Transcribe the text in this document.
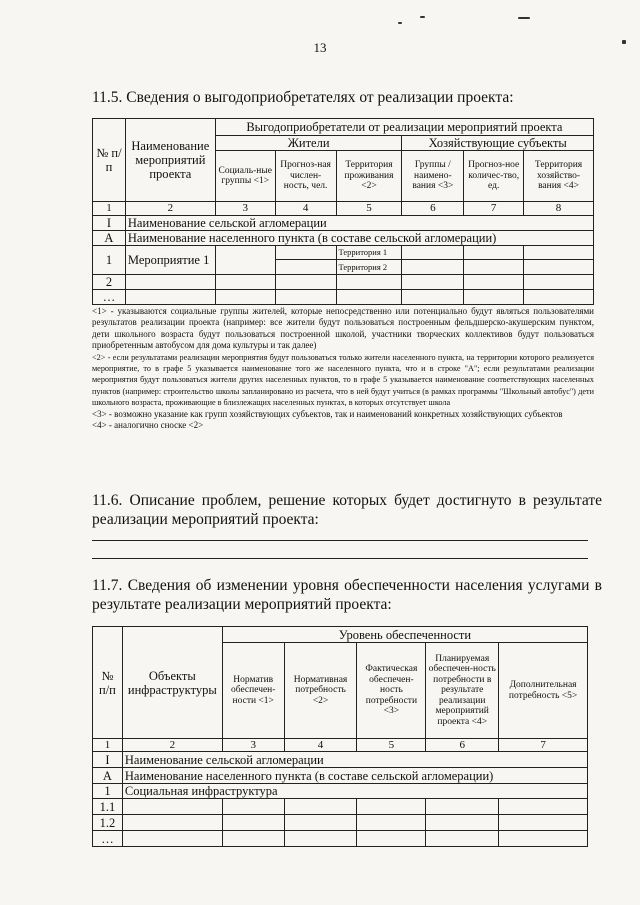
13
11.5. Сведения о выгодоприобретателях от реализации проекта:
№ п/п	Наименование мероприятий проекта	Выгодоприобретатели от реализации мероприятий проекта					
		Жители			Хозяйствующие субъекты		
		Социаль-ные группы <1>	Прогноз-ная числен-ность, чел.	Территория проживания <2>	Группы / наимено-вания <3>	Прогноз-ное количес-тво, ед.	Территория хозяйство-вания <4>
1	2	3	4	5	6	7	8
I	Наименование сельской агломерации						
А	Наименование населенного пункта (в составе сельской агломерации)						
1	Мероприятие 1			Территория 1			
				Территория 2			
2							
…							

<1> - указываются социальные группы жителей, которые непосредственно или потенциально будут являться пользователями результатов реализации проекта (например: все жители будут пользоваться построенным фельдшерско-акушерским пунктом, дети школьного возраста будут пользоваться построенной школой, участники творческих коллективов будут пользоваться приобретенным автобусом для дома культуры и так далее)

<2> - если результатами реализации мероприятия будут пользоваться только жители населенного пункта, на территории которого реализуется мероприятие, то в графе 5 указывается наименование того же населенного пункта, что и в строке "А"; если результатами реализации мероприятия будут пользоваться жители других населенных пунктов, то в графе 5 указывается наименование соответствующих населенных пунктов (например: строительство школы запланировано из расчета, что в ней будут учиться (в рамках программы "Школьный автобус") дети школьного возраста, проживающие в близлежащих населенных пунктах, в которых отсутствует школа

<3> - возможно указание как групп хозяйствующих субъектов, так и наименований конкретных хозяйствующих субъектов

<4> - аналогично сноске <2>

11.6. Описание проблем, решение которых будет достигнуто в результате реализации мероприятий проекта:
11.7. Сведения об изменении уровня обеспеченности населения услугами в результате реализации мероприятий проекта:
№ п/п	Объекты инфраструктуры	Уровень обеспеченности				
		Норматив обеспечен-ности <1>	Нормативная потребность <2>	Фактическая обеспечен-ность потребности <3>	Планируемая обеспечен-ность потребности в результате реализации мероприятий проекта <4>	Дополнительная потребность <5>
1	2	3	4	5	6	7
I	Наименование сельской агломерации					
А	Наименование населенного пункта (в составе сельской агломерации)					
1	Социальная инфраструктура					
1.1						
1.2						
…						
